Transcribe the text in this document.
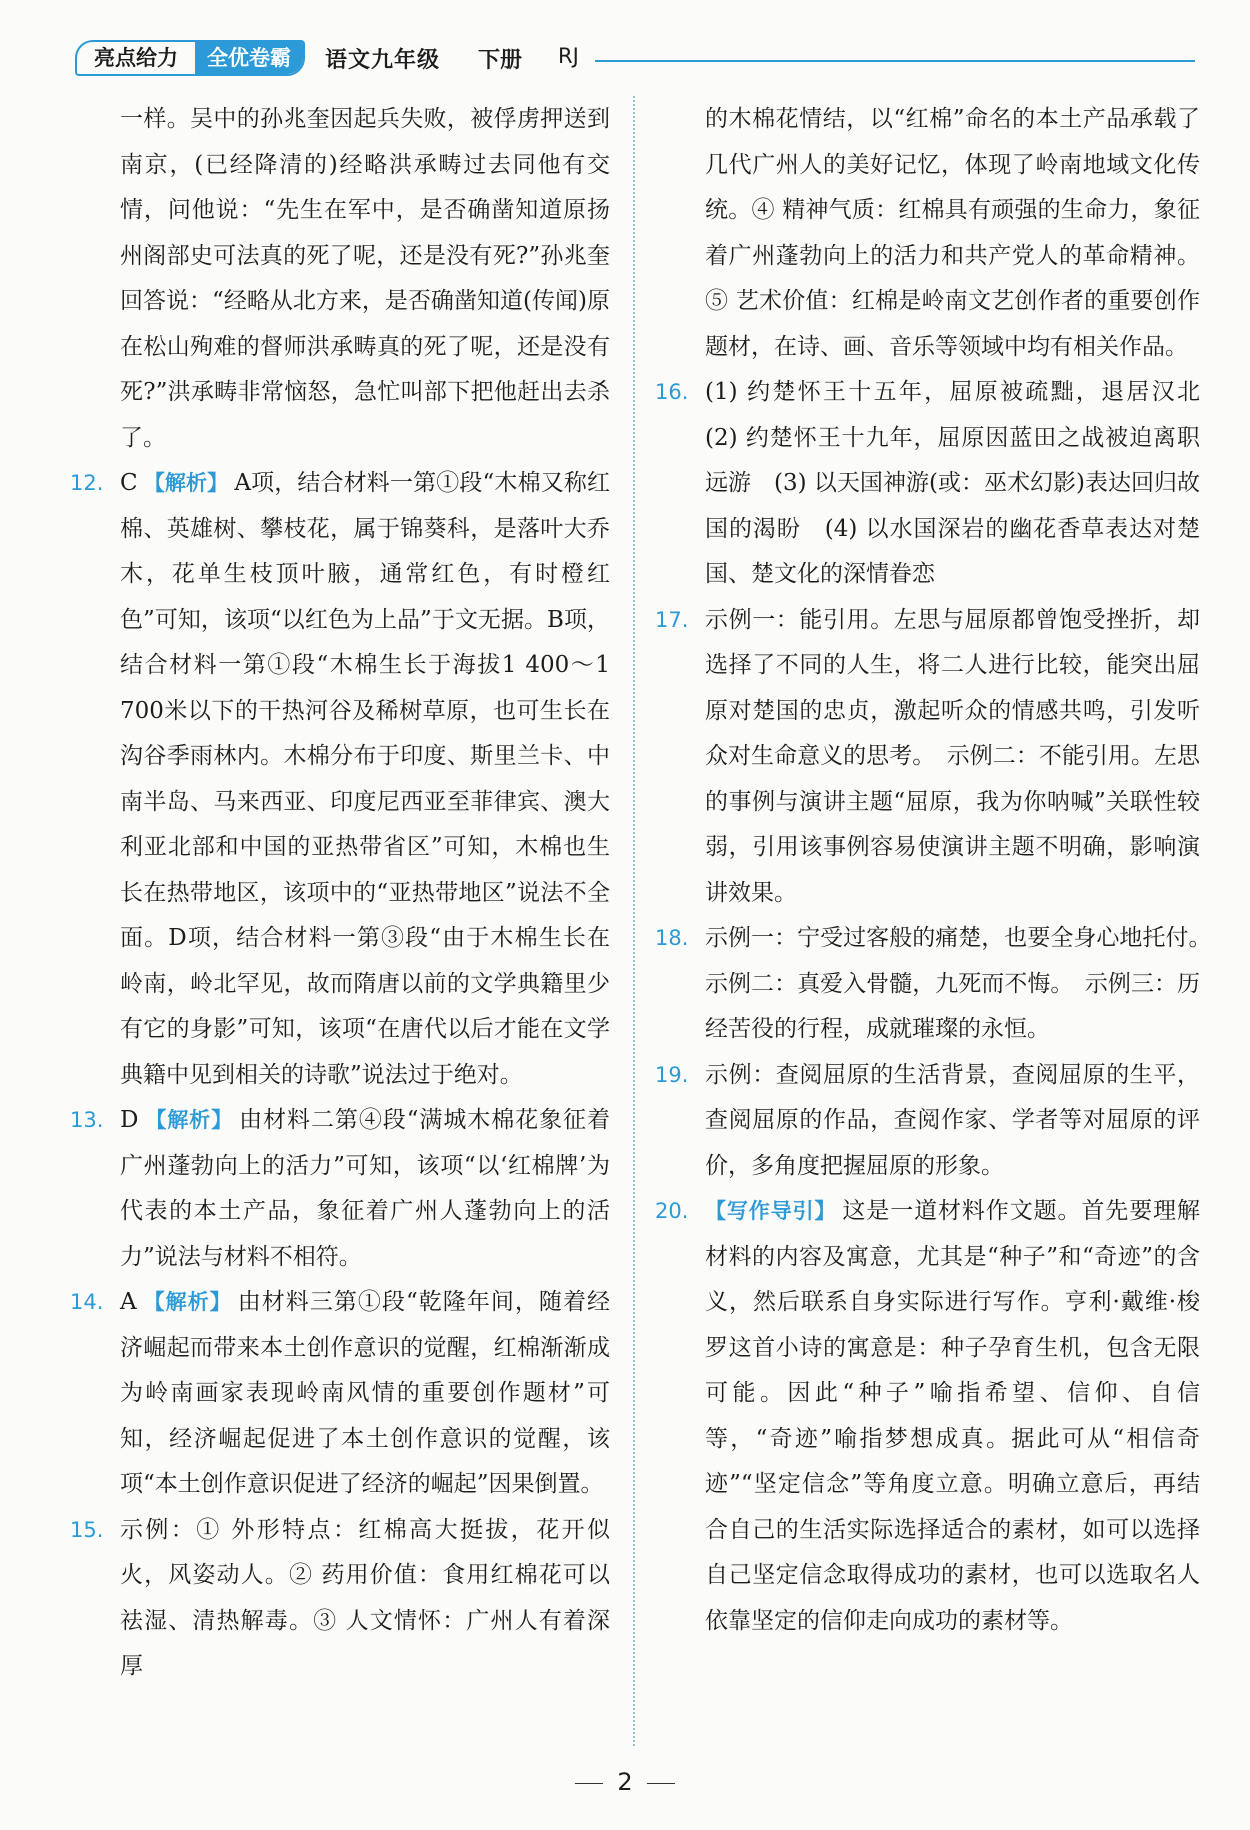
亮点给力	全优卷霸	语文九年级 下册 RJ
一样。吴中的孙兆奎因起兵失败，被俘虏押送到南京，(已经降清的)经略洪承畴过去同他有交情，问他说：“先生在军中，是否确凿知道原扬州阁部史可法真的死了呢，还是没有死?”孙兆奎回答说：“经略从北方来，是否确凿知道(传闻)原在松山殉难的督师洪承畴真的死了呢，还是没有死?”洪承畴非常恼怒，急忙叫部下把他赶出去杀了。
12. C 【解析】 A项，结合材料一第①段“木棉又称红棉、英雄树、攀枝花，属于锦葵科，是落叶大乔木，花单生枝顶叶腋，通常红色，有时橙红色”可知，该项“以红色为上品”于文无据。B项，结合材料一第①段“木棉生长于海拔1 400～1 700米以下的干热河谷及稀树草原，也可生长在沟谷季雨林内。木棉分布于印度、斯里兰卡、中南半岛、马来西亚、印度尼西亚至菲律宾、澳大利亚北部和中国的亚热带省区”可知，木棉也生长在热带地区，该项中的“亚热带地区”说法不全面。D项，结合材料一第③段“由于木棉生长在岭南，岭北罕见，故而隋唐以前的文学典籍里少有它的身影”可知，该项“在唐代以后才能在文学典籍中见到相关的诗歌”说法过于绝对。
13. D 【解析】 由材料二第④段“满城木棉花象征着广州蓬勃向上的活力”可知，该项“以‘红棉牌’为代表的本土产品，象征着广州人蓬勃向上的活力”说法与材料不相符。
14. A 【解析】 由材料三第①段“乾隆年间，随着经济崛起而带来本土创作意识的觉醒，红棉渐渐成为岭南画家表现岭南风情的重要创作题材”可知，经济崛起促进了本土创作意识的觉醒，该项“本土创作意识促进了经济的崛起”因果倒置。
15. 示例：① 外形特点：红棉高大挺拔，花开似火，风姿动人。② 药用价值：食用红棉花可以祛湿、清热解毒。③ 人文情怀：广州人有着深厚
的木棉花情结，以“红棉”命名的本土产品承载了几代广州人的美好记忆，体现了岭南地域文化传统。④ 精神气质：红棉具有顽强的生命力，象征着广州蓬勃向上的活力和共产党人的革命精神。⑤ 艺术价值：红棉是岭南文艺创作者的重要创作题材，在诗、画、音乐等领域中均有相关作品。
16. (1) 约楚怀王十五年，屈原被疏黜，退居汉北　(2) 约楚怀王十九年，屈原因蓝田之战被迫离职远游　(3) 以天国神游(或：巫术幻影)表达回归故国的渴盼　(4) 以水国深岩的幽花香草表达对楚国、楚文化的深情眷恋
17. 示例一：能引用。左思与屈原都曾饱受挫折，却选择了不同的人生，将二人进行比较，能突出屈原对楚国的忠贞，激起听众的情感共鸣，引发听众对生命意义的思考。　示例二：不能引用。左思的事例与演讲主题“屈原，我为你呐喊”关联性较弱，引用该事例容易使演讲主题不明确，影响演讲效果。
18. 示例一：宁受过客般的痛楚，也要全身心地托付。　示例二：真爱入骨髓，九死而不悔。　示例三：历经苦役的行程，成就璀璨的永恒。
19. 示例：查阅屈原的生活背景，查阅屈原的生平，查阅屈原的作品，查阅作家、学者等对屈原的评价，多角度把握屈原的形象。
20. 【写作导引】 这是一道材料作文题。首先要理解材料的内容及寓意，尤其是“种子”和“奇迹”的含义，然后联系自身实际进行写作。亨利·戴维·梭罗这首小诗的寓意是：种子孕育生机，包含无限可能。因此“种子”喻指希望、信仰、自信等，“奇迹”喻指梦想成真。据此可从“相信奇迹”“坚定信念”等角度立意。明确立意后，再结合自己的生活实际选择适合的素材，如可以选择自己坚定信念取得成功的素材，也可以选取名人依靠坚定的信仰走向成功的素材等。
2
